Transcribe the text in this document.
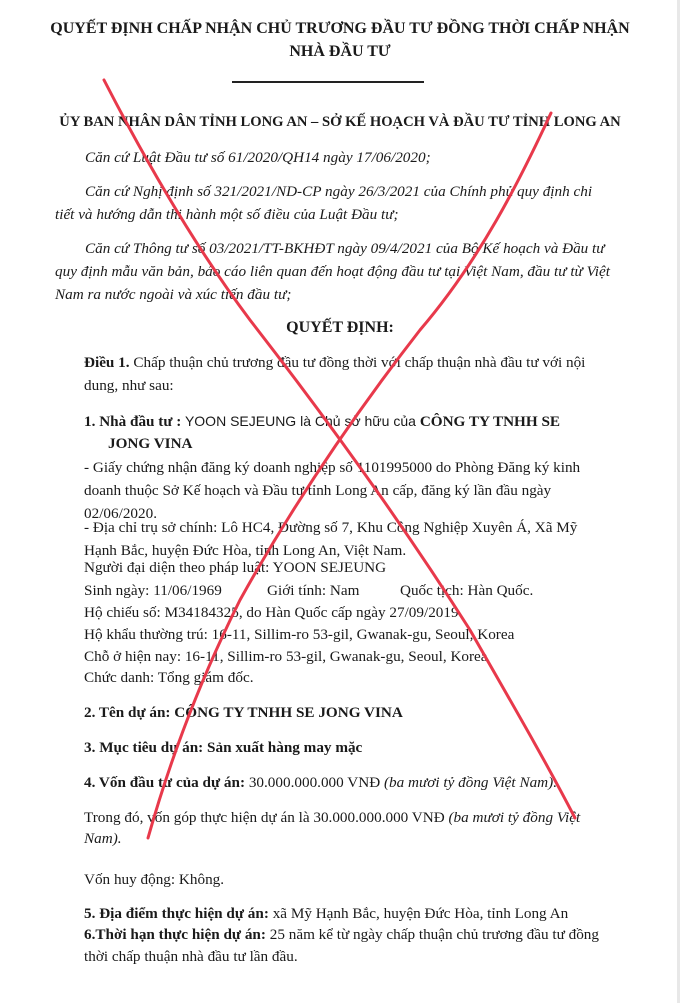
QUYẾT ĐỊNH CHẤP NHẬN CHỦ TRƯƠNG ĐẦU TƯ ĐỒNG THỜI CHẤP NHẬN
NHÀ ĐẦU TƯ
ỦY BAN NHÂN DÂN TỈNH LONG AN – SỞ KẾ HOẠCH VÀ ĐẦU TƯ TỈNH LONG AN
Căn cứ Luật Đầu tư số 61/2020/QH14 ngày 17/06/2020;
Căn cứ Nghị định số 321/2021/ND-CP ngày 26/3/2021 của Chính phủ quy định chi
tiết và hướng dẫn thi hành một số điều của Luật Đầu tư;
Căn cứ Thông tư số 03/2021/TT-BKHĐT ngày 09/4/2021 của Bộ Kế hoạch và Đầu tư
quy định mẫu văn bản, báo cáo liên quan đến hoạt động đầu tư tại Việt Nam, đầu tư từ Việt
Nam ra nước ngoài và xúc tiến đầu tư;
QUYẾT ĐỊNH:
Điều 1. Chấp thuận chủ trương đầu tư đồng thời với chấp thuận nhà đầu tư với nội
dung, như sau:
1. Nhà đầu tư : YOON SEJEUNG là Chủ sở hữu của CÔNG TY TNHH SE
JONG VINA
- Giấy chứng nhận đăng ký doanh nghiệp số 1101995000 do Phòng Đăng ký kinh
doanh thuộc Sở Kế hoạch và Đầu tư tỉnh Long An cấp, đăng ký lần đầu ngày
02/06/2020.
- Địa chỉ trụ sở chính: Lô HC4, Đường số 7, Khu Công Nghiệp Xuyên Á, Xã Mỹ
Hạnh Bắc, huyện Đức Hòa, tỉnh Long An, Việt Nam.
Người đại diện theo pháp luật: YOON SEJEUNG
Sinh ngày: 11/06/1969	Giới tính: Nam	Quốc tịch: Hàn Quốc.
Hộ chiếu số: M34184325, do Hàn Quốc cấp ngày 27/09/2019.
Hộ khẩu thường trú: 16-11, Sillim-ro 53-gil, Gwanak-gu, Seoul, Korea
Chỗ ở hiện nay: 16-11, Sillim-ro 53-gil, Gwanak-gu, Seoul, Korea
Chức danh: Tổng giám đốc.
2. Tên dự án: CÔNG TY TNHH SE JONG VINA
3. Mục tiêu dự án: Sản xuất hàng may mặc
4. Vốn đầu tư của dự án: 30.000.000.000 VNĐ (ba mươi tỷ đồng Việt Nam).
Trong đó, vốn góp thực hiện dự án là 30.000.000.000 VNĐ (ba mươi tỷ đồng Việt
Nam).
Vốn huy động: Không.
5. Địa điểm thực hiện dự án: xã Mỹ Hạnh Bắc, huyện Đức Hòa, tỉnh Long An
6.Thời hạn thực hiện dự án: 25 năm kể từ ngày chấp thuận chủ trương đầu tư đồng
thời chấp thuận nhà đầu tư lần đầu.
